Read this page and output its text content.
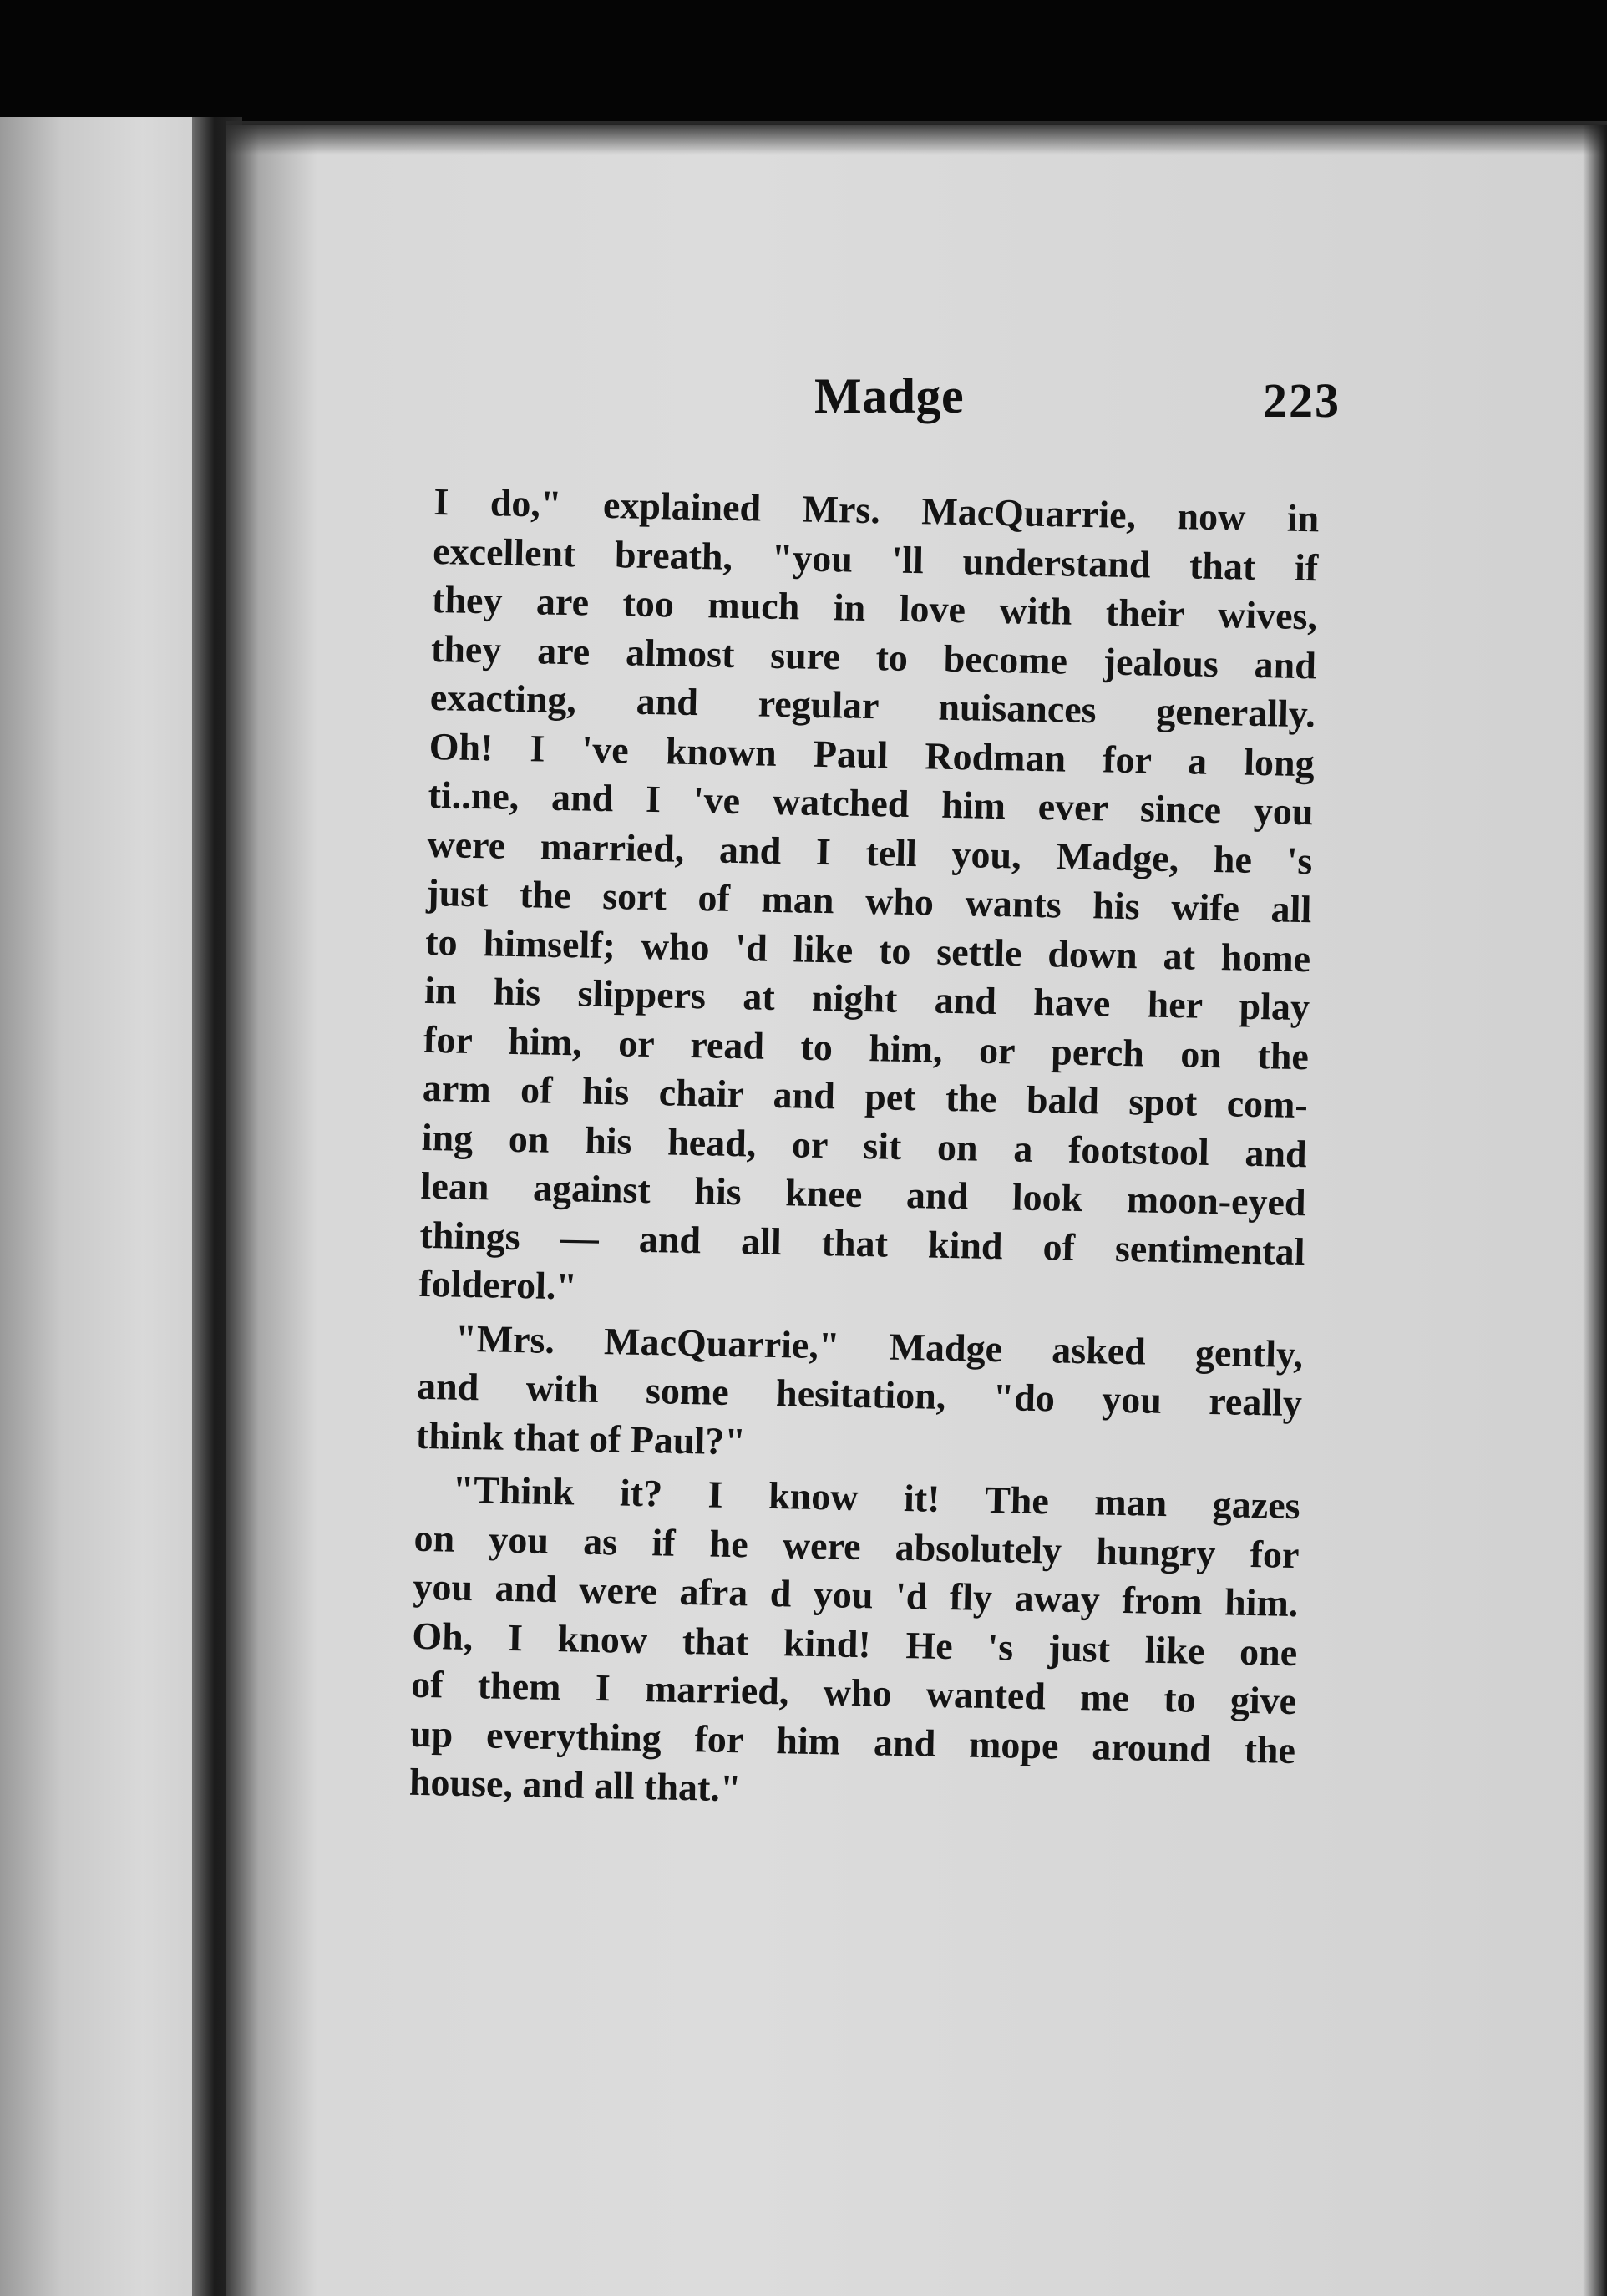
Madge	223

I do," explained Mrs. MacQuarrie, now in
excellent breath, "you 'll understand that if
they are too much in love with their wives,
they are almost sure to become jealous and
exacting, and regular nuisances generally.
Oh! I 've known Paul Rodman for a long
ti..ne, and I 've watched him ever since you
were married, and I tell you, Madge, he 's
just the sort of man who wants his wife all
to himself; who 'd like to settle down at home
in his slippers at night and have her play
for him, or read to him, or perch on the
arm of his chair and pet the bald spot com-
ing on his head, or sit on a footstool and
lean against his knee and look moon-eyed
things — and all that kind of sentimental
folderol."

"Mrs. MacQuarrie," Madge asked gently,
and with some hesitation, "do you really
think that of Paul?"

"Think it? I know it! The man gazes
on you as if he were absolutely hungry for
you and were afra d you 'd fly away from him.
Oh, I know that kind! He 's just like one
of them I married, who wanted me to give
up everything for him and mope around the
house, and all that."
